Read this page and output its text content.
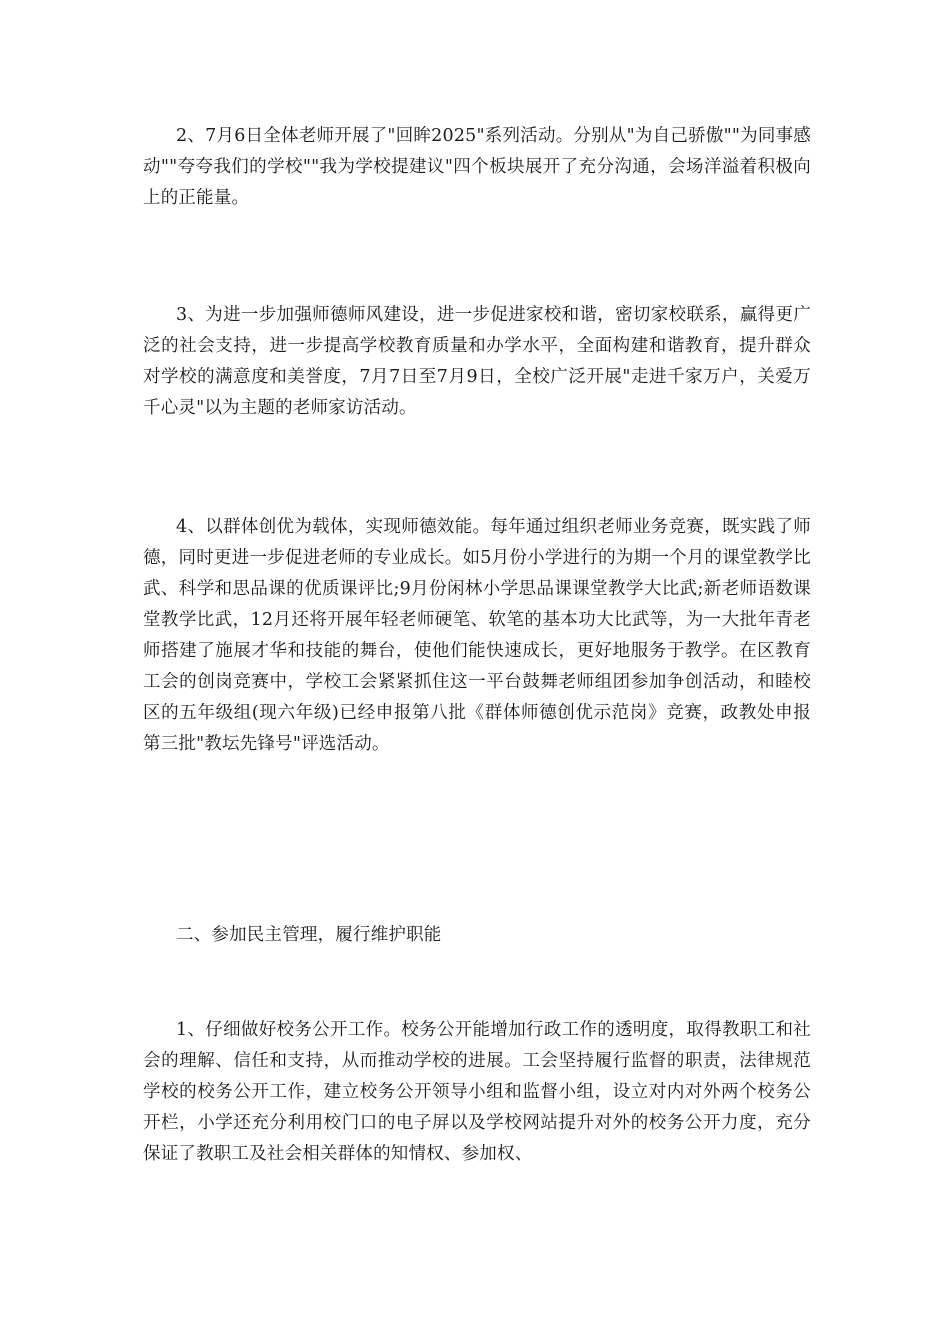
2、7月6日全体老师开展了"回眸2025"系列活动。分别从"为自己骄傲""为同事感动""夸夸我们的学校""我为学校提建议"四个板块展开了充分沟通，会场洋溢着积极向上的正能量。

3、为进一步加强师德师风建设，进一步促进家校和谐，密切家校联系，赢得更广泛的社会支持，进一步提高学校教育质量和办学水平，全面构建和谐教育，提升群众对学校的满意度和美誉度，7月7日至7月9日，全校广泛开展"走进千家万户，关爱万千心灵"以为主题的老师家访活动。

4、以群体创优为载体，实现师德效能。每年通过组织老师业务竞赛，既实践了师德，同时更进一步促进老师的专业成长。如5月份小学进行的为期一个月的课堂教学比武、科学和思品课的优质课评比;9月份闲林小学思品课课堂教学大比武;新老师语数课堂教学比武，12月还将开展年轻老师硬笔、软笔的基本功大比武等，为一大批年青老师搭建了施展才华和技能的舞台，使他们能快速成长，更好地服务于教学。在区教育工会的创岗竞赛中，学校工会紧紧抓住这一平台鼓舞老师组团参加争创活动，和睦校区的五年级组(现六年级)已经申报第八批《群体师德创优示范岗》竞赛，政教处申报第三批"教坛先锋号"评选活动。

二、参加民主管理，履行维护职能

1、仔细做好校务公开工作。校务公开能增加行政工作的透明度，取得教职工和社会的理解、信任和支持，从而推动学校的进展。工会坚持履行监督的职责，法律规范学校的校务公开工作，建立校务公开领导小组和监督小组，设立对内对外两个校务公开栏，小学还充分利用校门口的电子屏以及学校网站提升对外的校务公开力度，充分保证了教职工及社会相关群体的知情权、参加权、
